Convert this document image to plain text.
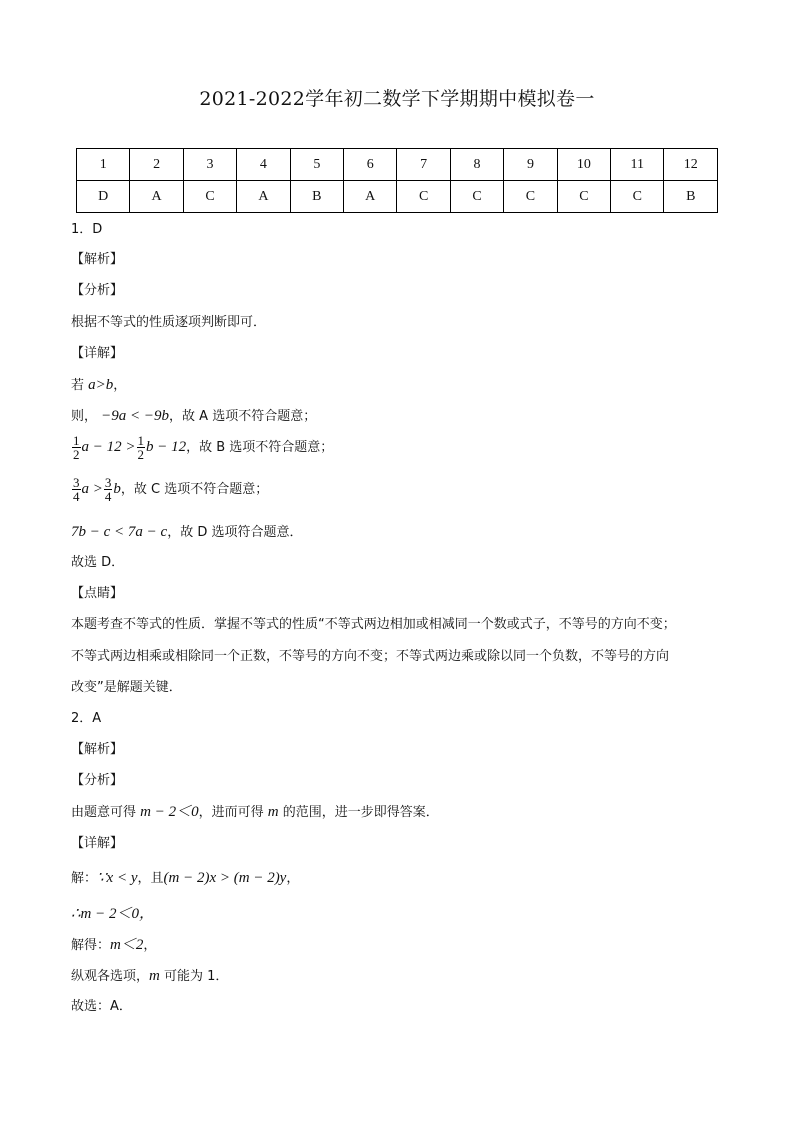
2021-2022学年初二数学下学期期中模拟卷一
1	2	3	4	5	6	7	8	9	10	11	12
D	A	C	A	B	A	C	C	C	C	C	B
1．D
【解析】
【分析】
根据不等式的性质逐项判断即可．
【详解】
若 a>b，
则， −9a < −9b，故 A 选项不符合题意；
$\frac{1}{2}$ $a - 12 > \frac{1}{2}$ b − 12，故 B 选项不符合题意；
$\frac{3}{4}$ $a > \frac{3}{4}$ b，故 C 选项不符合题意；
7b − c < 7a − c，故 D 选项符合题意．
故选 D．
【点睛】
本题考查不等式的性质．掌握不等式的性质“不等式两边相加或相减同一个数或式子，不等号的方向不变；
不等式两边相乘或相除同一个正数，不等号的方向不变；不等式两边乘或除以同一个负数，不等号的方向
改变”是解题关键．
2．A
【解析】
【分析】
由题意可得 m − 2＜0，进而可得 m 的范围，进一步即得答案．
【详解】
解：∵x < y，且(m − 2)x > (m − 2)y，
∴m − 2＜0，
解得：m＜2，
纵观各选项，m 可能为 1．
故选：A．
